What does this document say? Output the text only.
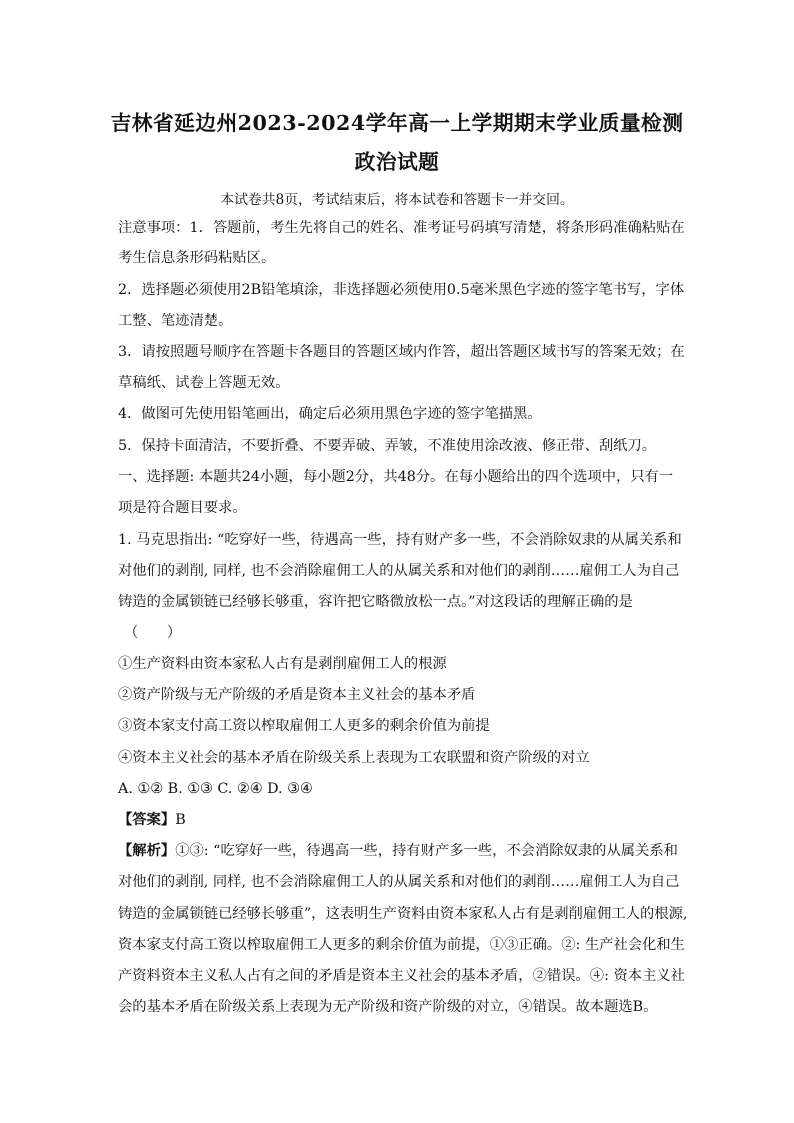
吉林省延边州2023-2024学年高一上学期期末学业质量检测
政治试题
本试卷共8页，考试结束后，将本试卷和答题卡一并交回。
注意事项：1．答题前，考生先将自己的姓名、准考证号码填写清楚，将条形码准确粘贴在
考生信息条形码粘贴区。
2．选择题必须使用2B铅笔填涂，非选择题必须使用0.5毫米黑色字迹的签字笔书写，字体
工整、笔迹清楚。
3．请按照题号顺序在答题卡各题目的答题区域内作答，超出答题区域书写的答案无效；在
草稿纸、试卷上答题无效。
4．做图可先使用铅笔画出，确定后必须用黑色字迹的签字笔描黑。
5．保持卡面清洁，不要折叠、不要弄破、弄皱，不准使用涂改液、修正带、刮纸刀。
一、选择题: 本题共24小题，每小题2分，共48分。在每小题给出的四个选项中，只有一
项是符合题目要求。
1. 马克思指出: “吃穿好一些，待遇高一些，持有财产多一些，不会消除奴隶的从属关系和
对他们的剥削, 同样, 也不会消除雇佣工人的从属关系和对他们的剥削……雇佣工人为自己
铸造的金属锁链已经够长够重，容许把它略微放松一点。”对这段话的理解正确的是
（　　）
①生产资料由资本家私人占有是剥削雇佣工人的根源
②资产阶级与无产阶级的矛盾是资本主义社会的基本矛盾
③资本家支付高工资以榨取雇佣工人更多的剩余价值为前提
④资本主义社会的基本矛盾在阶级关系上表现为工农联盟和资产阶级的对立
A. ①② B. ①③ C. ②④ D. ③④
【答案】B
【解析】①③: “吃穿好一些，待遇高一些，持有财产多一些，不会消除奴隶的从属关系和
对他们的剥削, 同样, 也不会消除雇佣工人的从属关系和对他们的剥削……雇佣工人为自己
铸造的金属锁链已经够长够重”，这表明生产资料由资本家私人占有是剥削雇佣工人的根源,
资本家支付高工资以榨取雇佣工人更多的剩余价值为前提，①③正确。②: 生产社会化和生
产资料资本主义私人占有之间的矛盾是资本主义社会的基本矛盾，②错误。④: 资本主义社
会的基本矛盾在阶级关系上表现为无产阶级和资产阶级的对立，④错误。故本题选B。
